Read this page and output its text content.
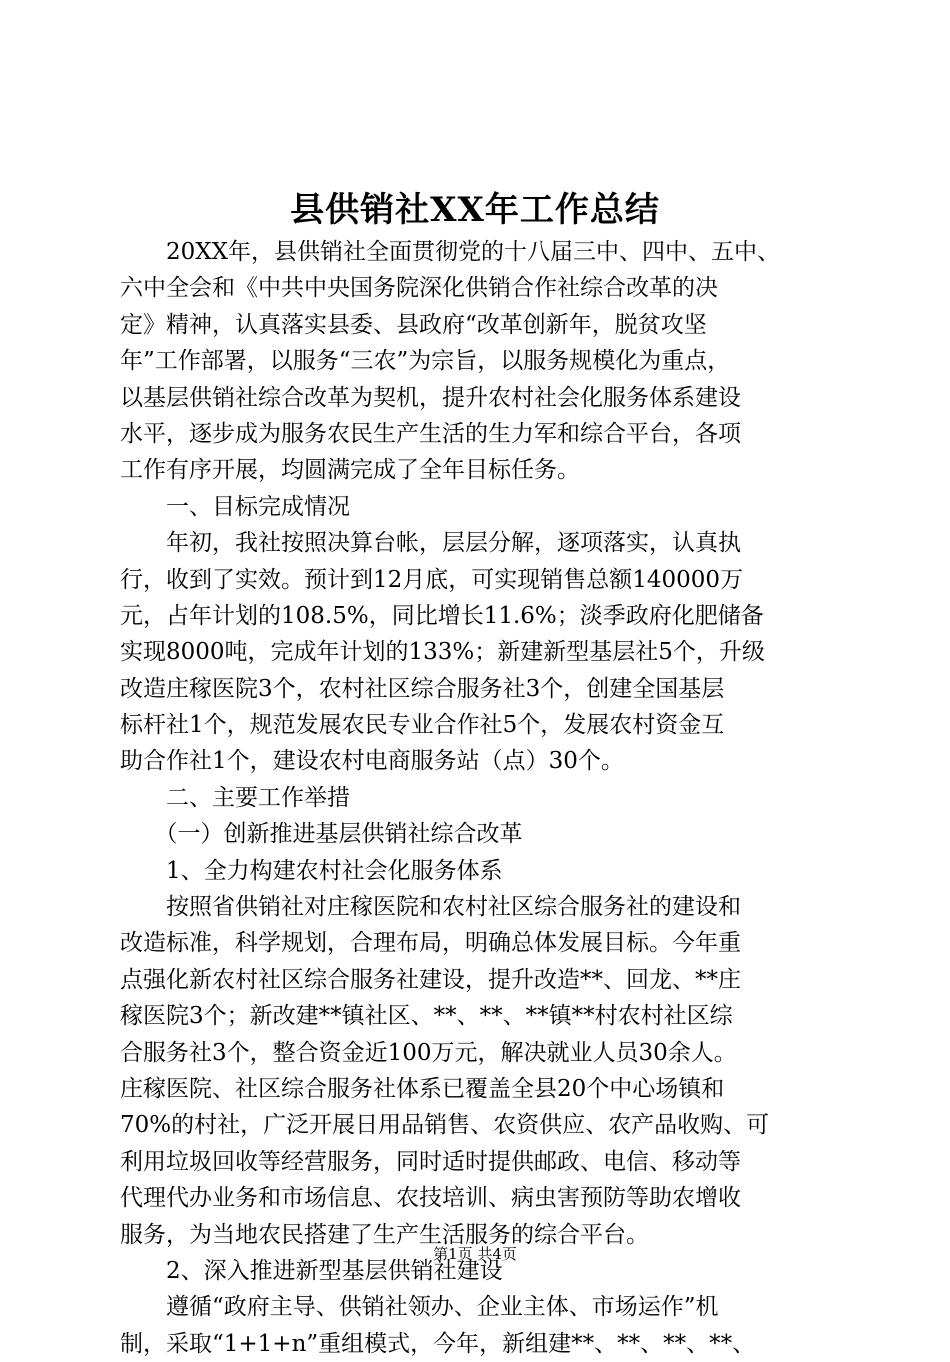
县供销社XX年工作总结
　　20XX年，县供销社全面贯彻党的十八届三中、四中、五中、
六中全会和《中共中央国务院深化供销合作社综合改革的决
定》精神，认真落实县委、县政府“改革创新年，脱贫攻坚
年”工作部署，以服务“三农”为宗旨，以服务规模化为重点，
以基层供销社综合改革为契机，提升农村社会化服务体系建设
水平，逐步成为服务农民生产生活的生力军和综合平台，各项
工作有序开展，均圆满完成了全年目标任务。
　　一、目标完成情况
　　年初，我社按照决算台帐，层层分解，逐项落实，认真执
行，收到了实效。预计到12月底，可实现销售总额140000万
元，占年计划的108.5%，同比增长11.6%；淡季政府化肥储备
实现8000吨，完成年计划的133%；新建新型基层社5个，升级
改造庄稼医院3个，农村社区综合服务社3个，创建全国基层
标杆社1个，规范发展农民专业合作社5个，发展农村资金互
助合作社1个，建设农村电商服务站（点）30个。
　　二、主要工作举措
　　（一）创新推进基层供销社综合改革
　　1、全力构建农村社会化服务体系
　　按照省供销社对庄稼医院和农村社区综合服务社的建设和
改造标准，科学规划，合理布局，明确总体发展目标。今年重
点强化新农村社区综合服务社建设，提升改造**、回龙、**庄
稼医院3个；新改建**镇社区、**、**、**镇**村农村社区综
合服务社3个，整合资金近100万元，解决就业人员30余人。
庄稼医院、社区综合服务社体系已覆盖全县20个中心场镇和
70%的村社，广泛开展日用品销售、农资供应、农产品收购、可
利用垃圾回收等经营服务，同时适时提供邮政、电信、移动等
代理代办业务和市场信息、农技培训、病虫害预防等助农增收
服务，为当地农民搭建了生产生活服务的综合平台。
　　2、深入推进新型基层供销社建设
　　遵循“政府主导、供销社领办、企业主体、市场运作”机
制，采取“1+1+n”重组模式，今年，新组建**、**、**、**、
第1页 共4页
